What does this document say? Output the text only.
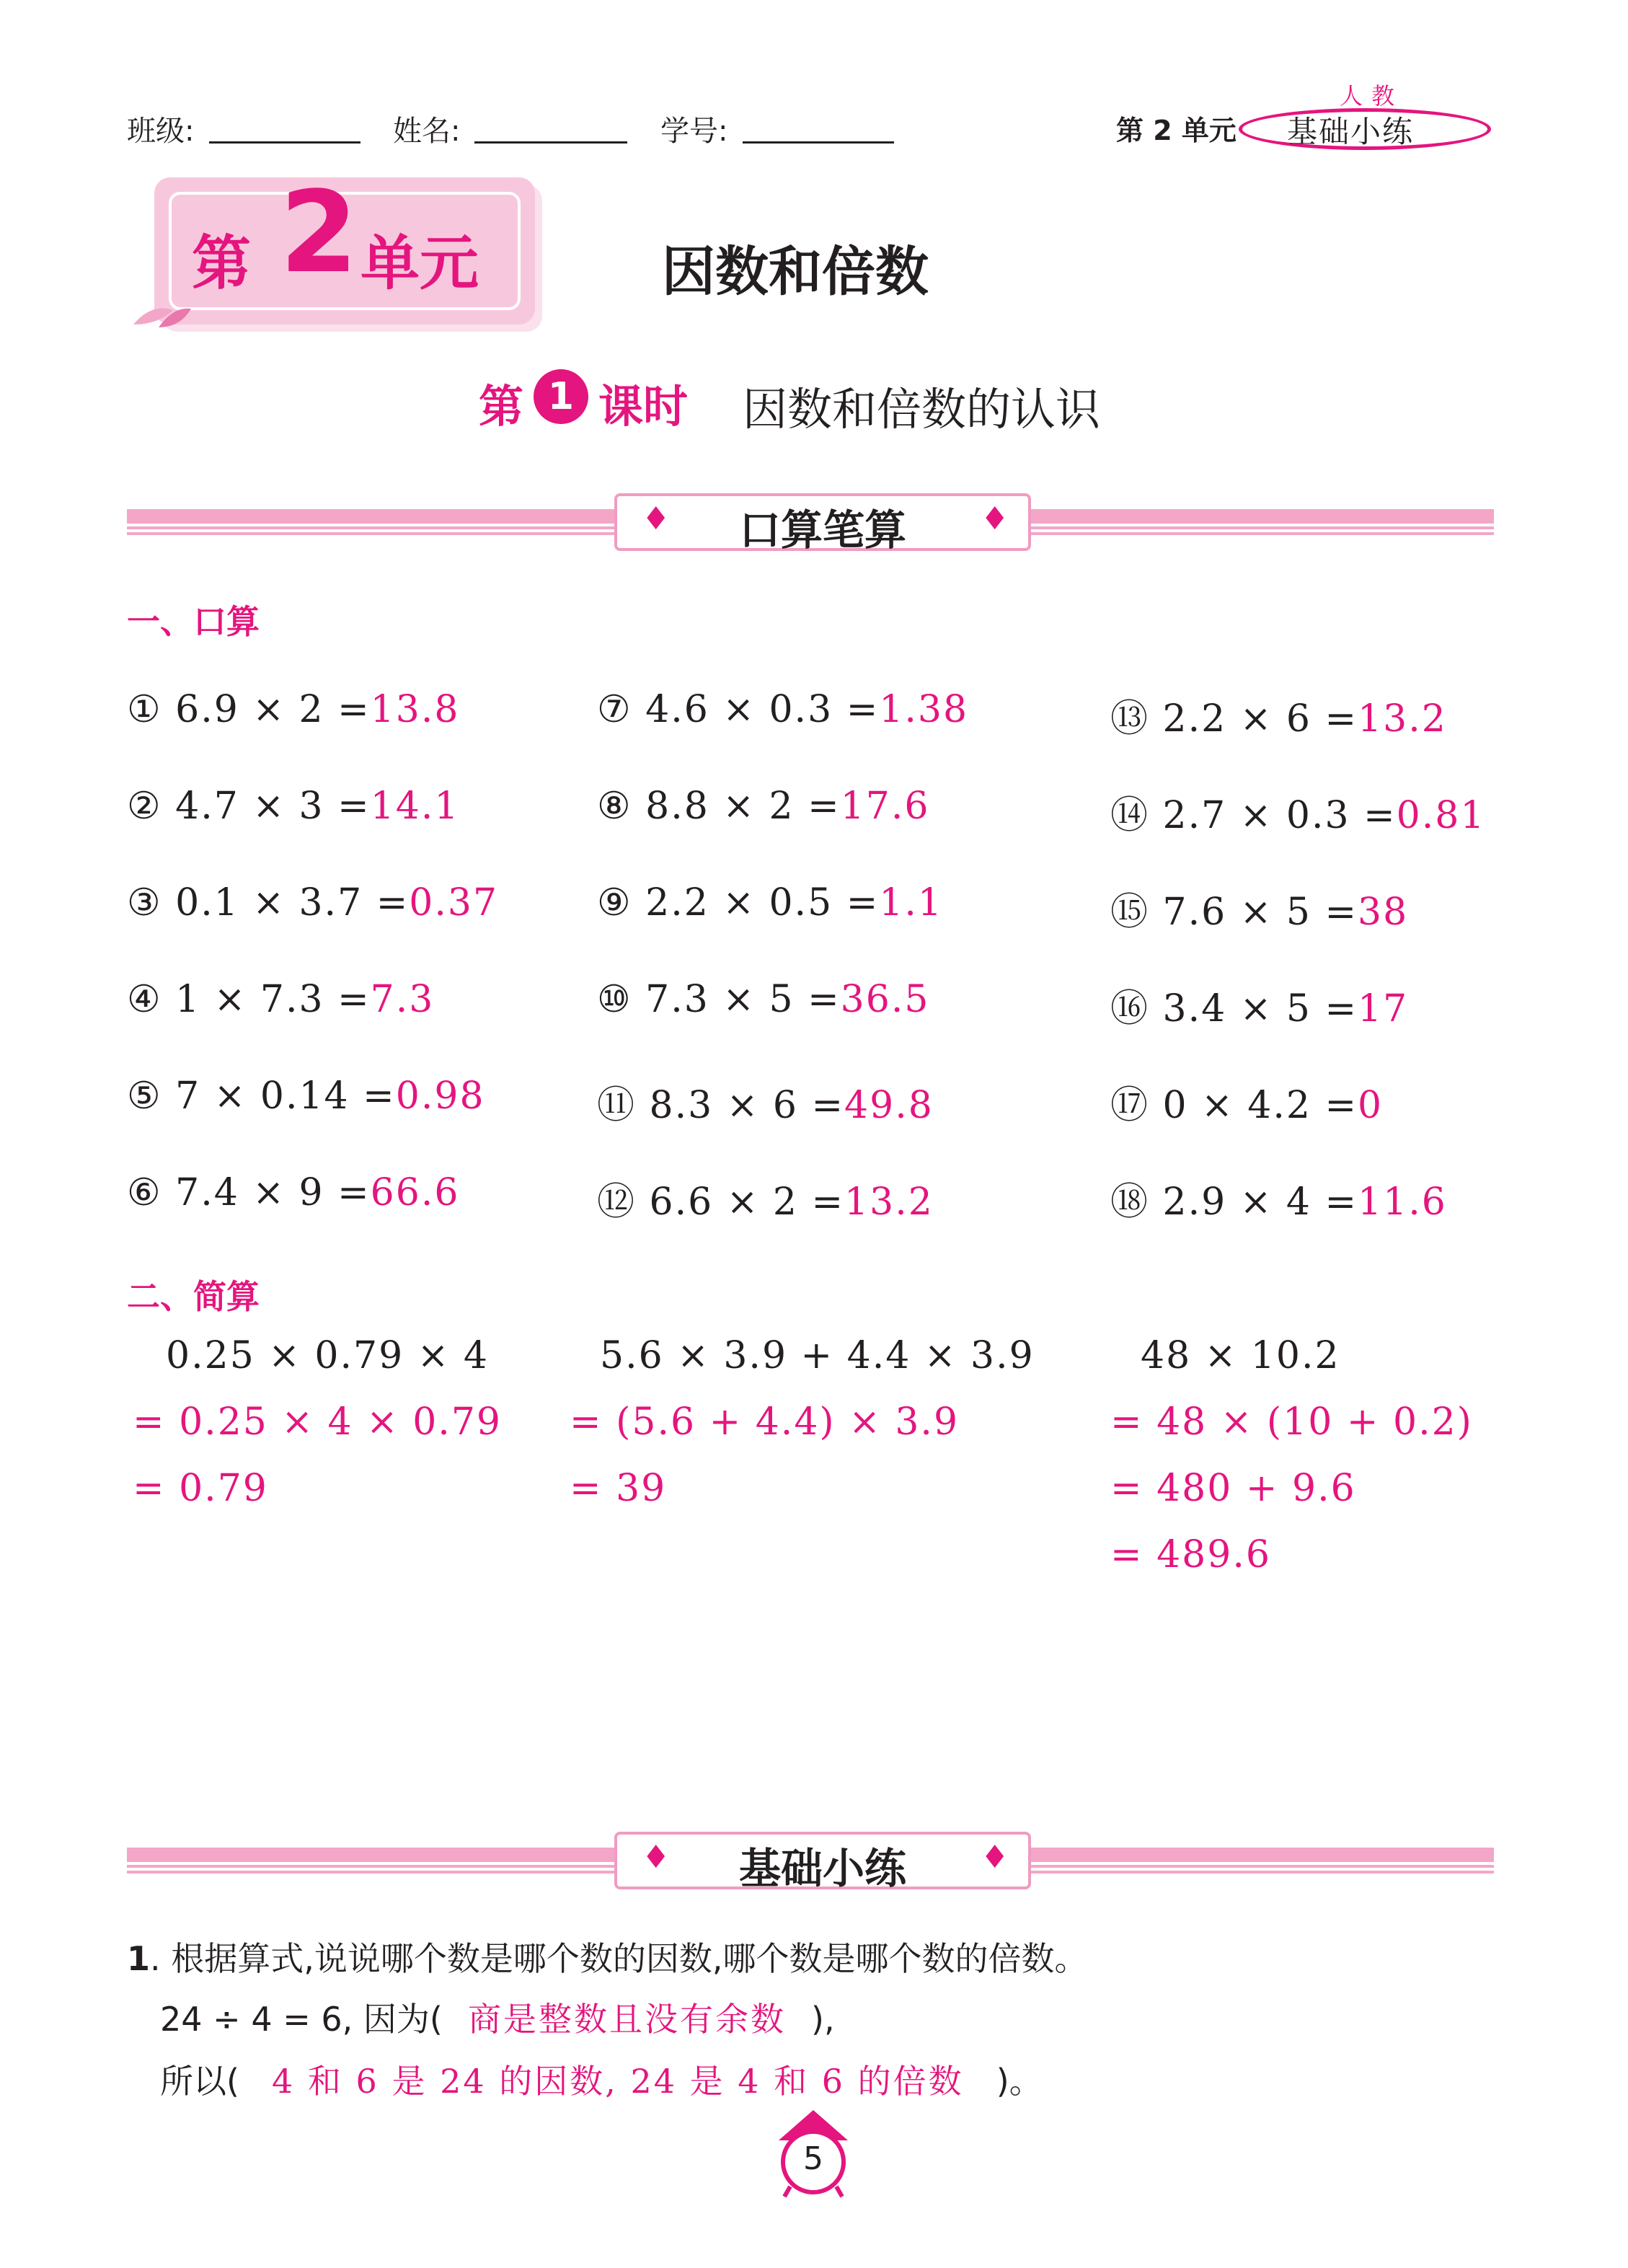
班级:	姓名:	学号:	第 2 单元
人教
基础小练
第 2 单元	因数和倍数
第 1 课时 因数和倍数的认识
♦	♦
口算笔算
一、口算
① 6.9 × 2 =13.8
② 4.7 × 3 =14.1
③ 0.1 × 3.7 =0.37
④ 1 × 7.3 =7.3
⑤ 7 × 0.14 =0.98
⑥ 7.4 × 9 =66.6
⑦ 4.6 × 0.3 =1.38
⑧ 8.8 × 2 =17.6
⑨ 2.2 × 0.5 =1.1
⑩ 7.3 × 5 =36.5
⑪ 8.3 × 6 =49.8
⑫ 6.6 × 2 =13.2
⑬ 2.2 × 6 =13.2
⑭ 2.7 × 0.3 =0.81
⑮ 7.6 × 5 =38
⑯ 3.4 × 5 =17
⑰ 0 × 4.2 =0
⑱ 2.9 × 4 =11.6
二、简算
0.25 × 0.79 × 4
= 0.25 × 4 × 0.79
= 0.79
5.6 × 3.9 + 4.4 × 3.9
= (5.6 + 4.4) × 3.9
= 39
48 × 10.2
= 48 × (10 + 0.2)
= 480 + 9.6
= 489.6
♦	♦
基础小练
1. 根据算式,说说哪个数是哪个数的因数,哪个数是哪个数的倍数。
24 ÷ 4 = 6, 因为( 商是整数且没有余数 ),
所以( 4 和 6 是 24 的因数, 24 是 4 和 6 的倍数 )。
5
